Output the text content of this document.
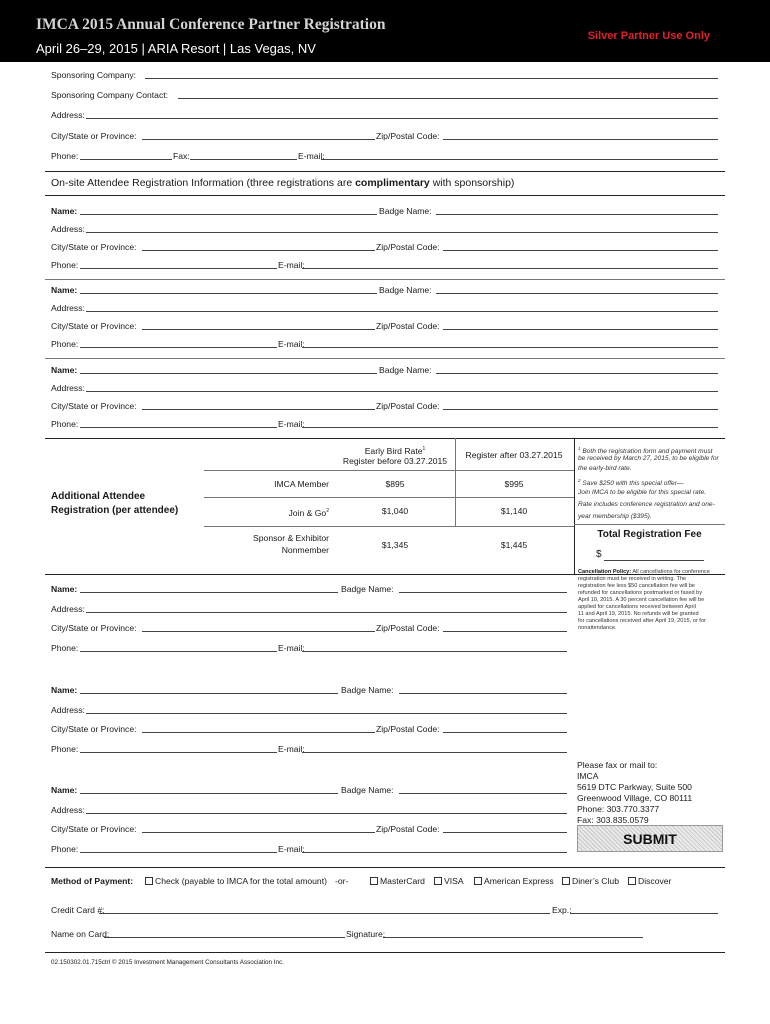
IMCA 2015 Annual Conference Partner Registration
April 26–29, 2015 | ARIA Resort | Las Vegas, NV
Silver Partner Use Only
Sponsoring Company:
Sponsoring Company Contact:
Address:
City/State or Province:	Zip/Postal Code:
Phone:	Fax:	E-mail:
On-site Attendee Registration Information (three registrations are complimentary with sponsorship)
Name:	Badge Name:
Address:
City/State or Province:	Zip/Postal Code:
Phone:	E-mail:
Name:	Badge Name:
Address:
City/State or Province:	Zip/Postal Code:
Phone:	E-mail:
Name:	Badge Name:
Address:
City/State or Province:	Zip/Postal Code:
Phone:	E-mail:
Early Bird Rate$^1$
Register before 03.27.2015
Register after 03.27.2015
Additional Attendee
Registration (per attendee)
IMCA Member	$895	$995
Join & Go$^2$	$1,040	$1,140
Sponsor & Exhibitor
Nonmember	$1,345	$1,445
$^1$ Both the registration form and payment must
be received by March 27, 2015, to be eligible for
the early-bird rate.
$^2$ Save $250 with this special offer—
Join IMCA to be eligible for this special rate.
Rate includes conference registration and one-
year membership ($395).
Total Registration Fee
$
Cancellation Policy: All cancellations for conference
registration must be received in writing. The
registration fee less $50 cancellation fee will be
refunded for cancellations postmarked or faxed by
April 10, 2015. A 30 percent cancellation fee will be
applied for cancellations received between April
11 and April 19, 2015. No refunds will be granted
for cancellations received after April 19, 2015, or for
nonattendance.
Name:	Badge Name:
Address:
City/State or Province:	Zip/Postal Code:
Phone:	E-mail:
Name:	Badge Name:
Address:
City/State or Province:	Zip/Postal Code:
Phone:	E-mail:
Name:	Badge Name:
Address:
City/State or Province:	Zip/Postal Code:
Phone:	E-mail:
Please fax or mail to:
IMCA
5619 DTC Parkway, Suite 500
Greenwood Village, CO 80111
Phone: 303.770.3377
Fax: 303.835.0579
SUBMIT
Method of Payment:	Check (payable to IMCA for the total amount) -or-	MasterCard	VISA	American Express	Diner’s Club	Discover
Credit Card #:	Exp.:
Name on Card:	Signature:
02.150302.01.715ctrl © 2015 Investment Management Consultants Association Inc.
